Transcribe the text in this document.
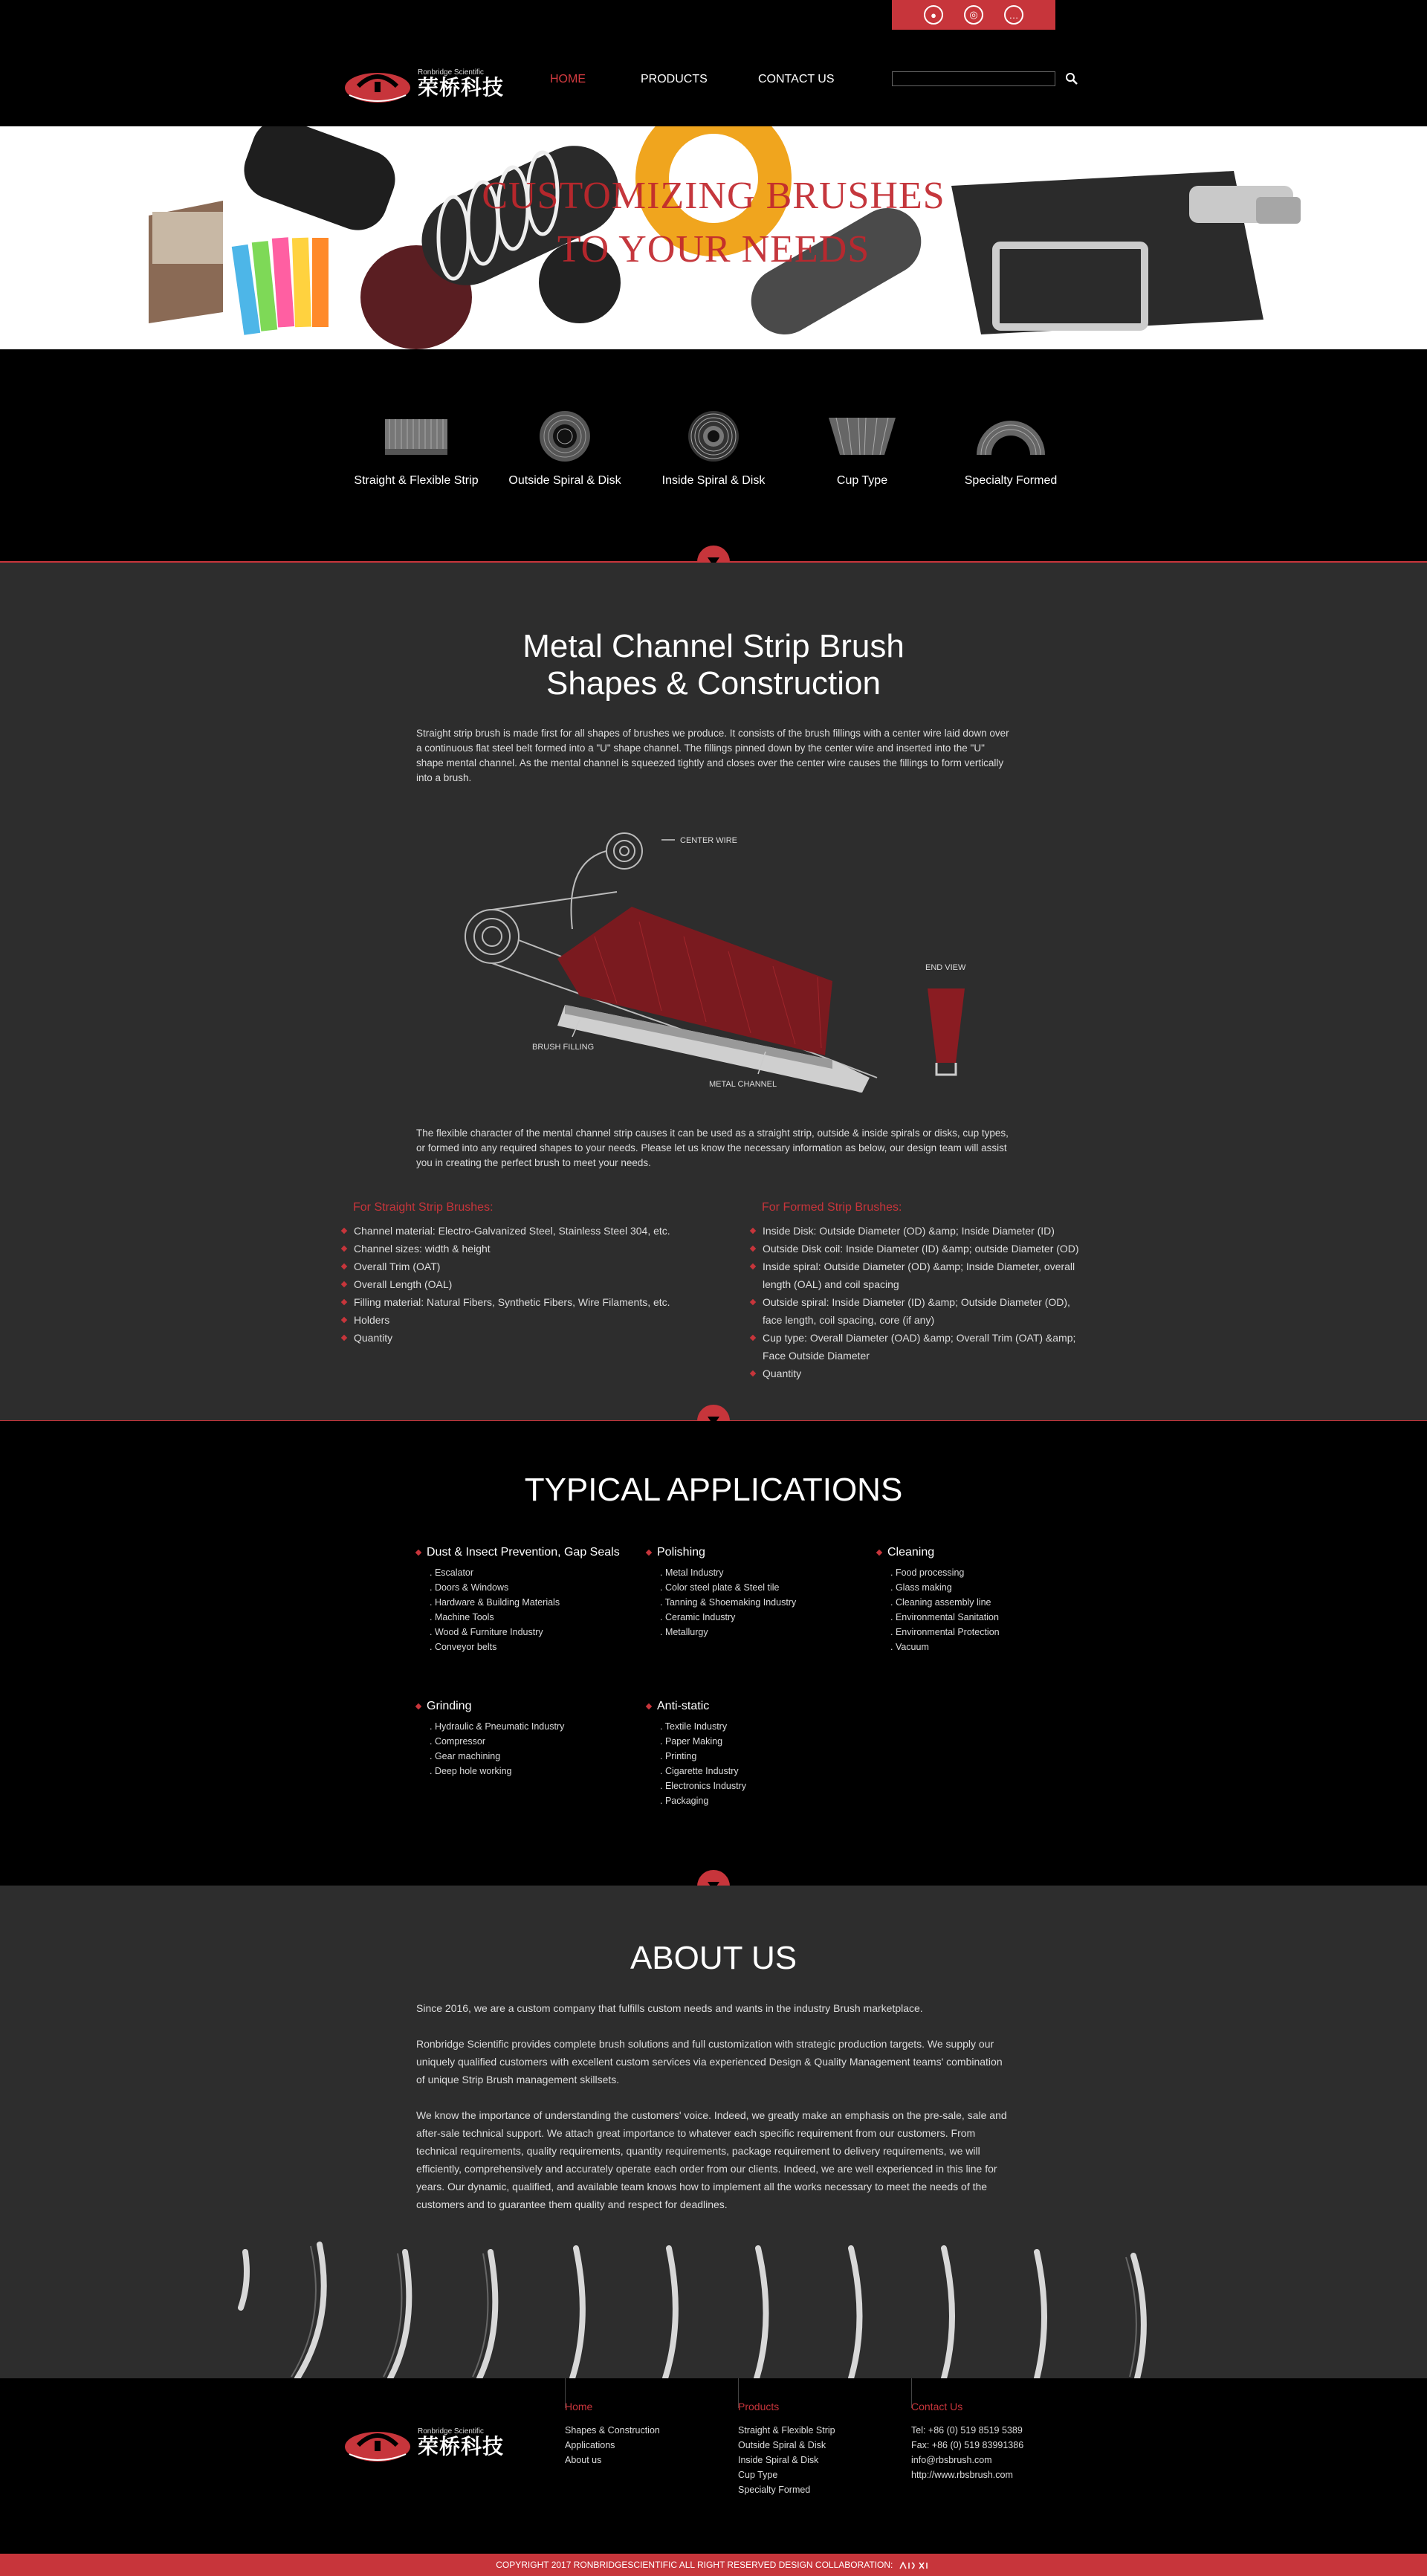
●	◎	…
Ronbridge Scientific
荣桥科技	HOME	PRODUCTS	CONTACT US
CUSTOMIZING BRUSHES
TO YOUR NEEDS
Straight & Flexible Strip	Outside Spiral & Disk	Inside Spiral & Disk	Cup Type	Specialty Formed
Metal Channel Strip Brush
Shapes & Construction

Straight strip brush is made first for all shapes of brushes we produce. It consists of the brush fillings with a center wire laid down over a continuous flat steel belt formed into a "U" shape channel. The fillings pinned down by the center wire and inserted into the "U" shape mental channel. As the mental channel is squeezed tightly and closes over the center wire causes the fillings to form vertically into a brush.

CENTER WIRE
END VIEW
BRUSH FILLING
METAL CHANNEL

The flexible character of the mental channel strip causes it can be used as a straight strip, outside & inside spirals or disks, cup types, or formed into any required shapes to your needs. Please let us know the necessary information as below, our design team will assist you in creating the perfect brush to meet your needs.

For Straight Strip Brushes:
Channel material: Electro-Galvanized Steel, Stainless Steel 304, etc.
Channel sizes: width & height
Overall Trim (OAT)
Overall Length (OAL)
Filling material: Natural Fibers, Synthetic Fibers, Wire Filaments, etc.
Holders
Quantity
For Formed Strip Brushes:
Inside Disk: Outside Diameter (OD) &amp; Inside Diameter (ID)
Outside Disk coil: Inside Diameter (ID) &amp; outside Diameter (OD)
Inside spiral: Outside Diameter (OD) &amp; Inside Diameter, overall length (OAL) and coil spacing
Outside spiral: Inside Diameter (ID) &amp; Outside Diameter (OD), face length, coil spacing, core (if any)
Cup type: Overall Diameter (OAD) &amp; Overall Trim (OAT) &amp; Face Outside Diameter
Quantity
TYPICAL APPLICATIONS
Dust & Insect Prevention, Gap Seals
. Escalator
. Doors & Windows
. Hardware & Building Materials
. Machine Tools
. Wood & Furniture Industry
. Conveyor belts
Polishing
. Metal Industry
. Color steel plate & Steel tile
. Tanning & Shoemaking Industry
. Ceramic Industry
. Metallurgy
Cleaning
. Food processing
. Glass making
. Cleaning assembly line
. Environmental Sanitation
. Environmental Protection
. Vacuum
Grinding
. Hydraulic & Pneumatic Industry
. Compressor
. Gear machining
. Deep hole working
Anti-static
. Textile Industry
. Paper Making
. Printing
. Cigarette Industry
. Electronics Industry
. Packaging
ABOUT US

Since 2016, we are a custom company that fulfills custom needs and wants in the industry Brush marketplace.

Ronbridge Scientific provides complete brush solutions and full customization with strategic production targets. We supply our uniquely qualified customers with excellent custom services via experienced Design & Quality Management teams' combination of unique Strip Brush management skillsets.

We know the importance of understanding the customers' voice. Indeed, we greatly make an emphasis on the pre-sale, sale and after-sale technical support. We attach great importance to whatever each specific requirement from our customers. From technical requirements, quality requirements, quantity requirements, package requirement to delivery requirements, we will efficiently, comprehensively and accurately operate each order from our clients. Indeed, we are well experienced in this line for years. Our dynamic, qualified, and available team knows how to implement all the works necessary to meet the needs of the customers and to guarantee them quality and respect for deadlines.

Ronbridge Scientific
荣桥科技
Home
Shapes & Construction
Applications
About us
Products
Straight & Flexible Strip
Outside Spiral & Disk
Inside Spiral & Disk
Cup Type
Specialty Formed
Contact Us
Tel: +86 (0) 519 8519 5389
Fax: +86 (0) 519 83991386
info@rbsbrush.com
http://www.rbsbrush.com
COPYRIGHT 2017 RONBRIDGESCIENTIFIC ALL RIGHT RESERVED DESIGN COLLABORATION:
